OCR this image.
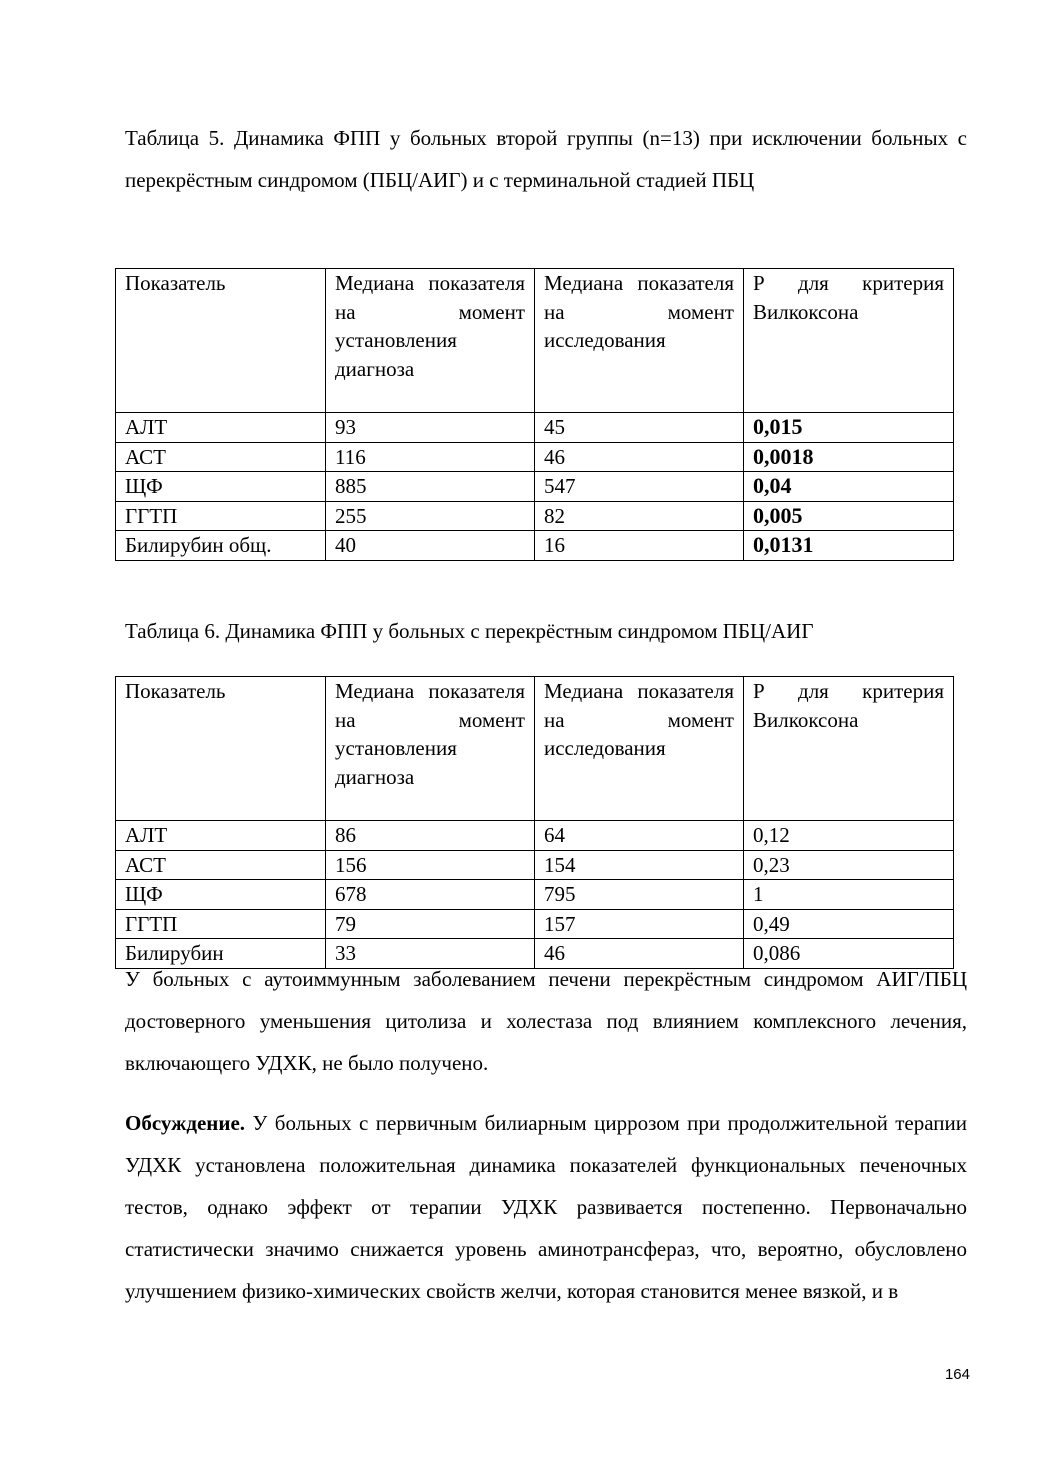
Таблица 5. Динамика ФПП у больных второй группы (n=13) при исключении больных с перекрёстным синдромом (ПБЦ/АИГ) и с терминальной стадией ПБЦ

Показатель	Медиана показателя на момент установления диагноза	Медиана показателя на момент исследования	Р для критерия Вилкоксона
АЛТ	93	45	0,015
АСТ	116	46	0,0018
ЩФ	885	547	0,04
ГГТП	255	82	0,005
Билирубин общ.	40	16	0,0131

Таблица 6. Динамика ФПП у больных с перекрёстным синдромом ПБЦ/АИГ

Показатель	Медиана показателя на момент установления диагноза	Медиана показателя на момент исследования	Р для критерия Вилкоксона
АЛТ	86	64	0,12
АСТ	156	154	0,23
ЩФ	678	795	1
ГГТП	79	157	0,49
Билирубин	33	46	0,086

У больных с аутоиммунным заболеванием печени перекрёстным синдромом АИГ/ПБЦ достоверного уменьшения цитолиза и холестаза под влиянием комплексного лечения, включающего УДХК, не было получено.

Обсуждение. У больных с первичным билиарным циррозом при продолжительной терапии УДХК установлена положительная динамика показателей функциональных печеночных тестов, однако эффект от терапии УДХК развивается постепенно. Первоначально статистически значимо снижается уровень аминотрансфераз, что, вероятно, обусловлено улучшением физико-химических свойств желчи, которая становится менее вязкой, и в

164
